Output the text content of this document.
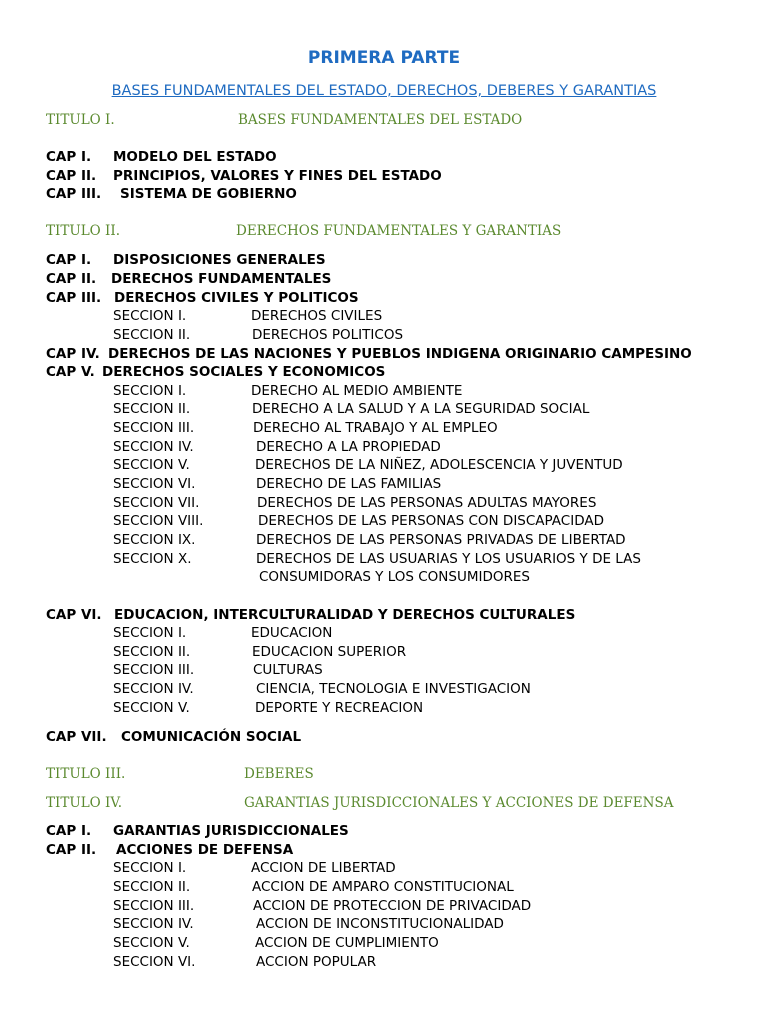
PRIMERA PARTE
BASES FUNDAMENTALES DEL ESTADO, DERECHOS, DEBERES Y GARANTIAS
TITULO I.	BASES FUNDAMENTALES DEL ESTADO
CAP I. MODELO DEL ESTADO
CAP II. PRINCIPIOS, VALORES Y FINES DEL ESTADO
CAP III. SISTEMA DE GOBIERNO
TITULO II.	DERECHOS FUNDAMENTALES Y GARANTIAS
CAP I. DISPOSICIONES GENERALES
CAP II. DERECHOS FUNDAMENTALES
CAP III. DERECHOS CIVILES Y POLITICOS
SECCION I.	DERECHOS CIVILES
SECCION II.	DERECHOS POLITICOS
CAP IV. DERECHOS DE LAS NACIONES Y PUEBLOS INDIGENA ORIGINARIO CAMPESINO
CAP V. DERECHOS SOCIALES Y ECONOMICOS
SECCION I.	DERECHO AL MEDIO AMBIENTE
SECCION II.	DERECHO A LA SALUD Y A LA SEGURIDAD SOCIAL
SECCION III.	DERECHO AL TRABAJO Y AL EMPLEO
SECCION IV.	DERECHO A LA PROPIEDAD
SECCION V.	DERECHOS DE LA NIÑEZ, ADOLESCENCIA Y JUVENTUD
SECCION VI.	DERECHO DE LAS FAMILIAS
SECCION VII.	DERECHOS DE LAS PERSONAS ADULTAS MAYORES
SECCION VIII.	DERECHOS DE LAS PERSONAS CON DISCAPACIDAD
SECCION IX.	DERECHOS DE LAS PERSONAS PRIVADAS DE LIBERTAD
SECCION X.	DERECHOS DE LAS USUARIAS Y LOS USUARIOS Y DE LAS
CONSUMIDORAS Y LOS CONSUMIDORES
CAP VI. EDUCACION, INTERCULTURALIDAD Y DERECHOS CULTURALES
SECCION I.	EDUCACION
SECCION II.	EDUCACION SUPERIOR
SECCION III.	CULTURAS
SECCION IV.	CIENCIA, TECNOLOGIA E INVESTIGACION
SECCION V.	DEPORTE Y RECREACION
CAP VII. COMUNICACIÓN SOCIAL
TITULO III.	DEBERES
TITULO IV.	GARANTIAS JURISDICCIONALES Y ACCIONES DE DEFENSA
CAP I. GARANTIAS JURISDICCIONALES
CAP II. ACCIONES DE DEFENSA
SECCION I.	ACCION DE LIBERTAD
SECCION II.	ACCION DE AMPARO CONSTITUCIONAL
SECCION III.	ACCION DE PROTECCION DE PRIVACIDAD
SECCION IV.	ACCION DE INCONSTITUCIONALIDAD
SECCION V.	ACCION DE CUMPLIMIENTO
SECCION VI.	ACCION POPULAR
